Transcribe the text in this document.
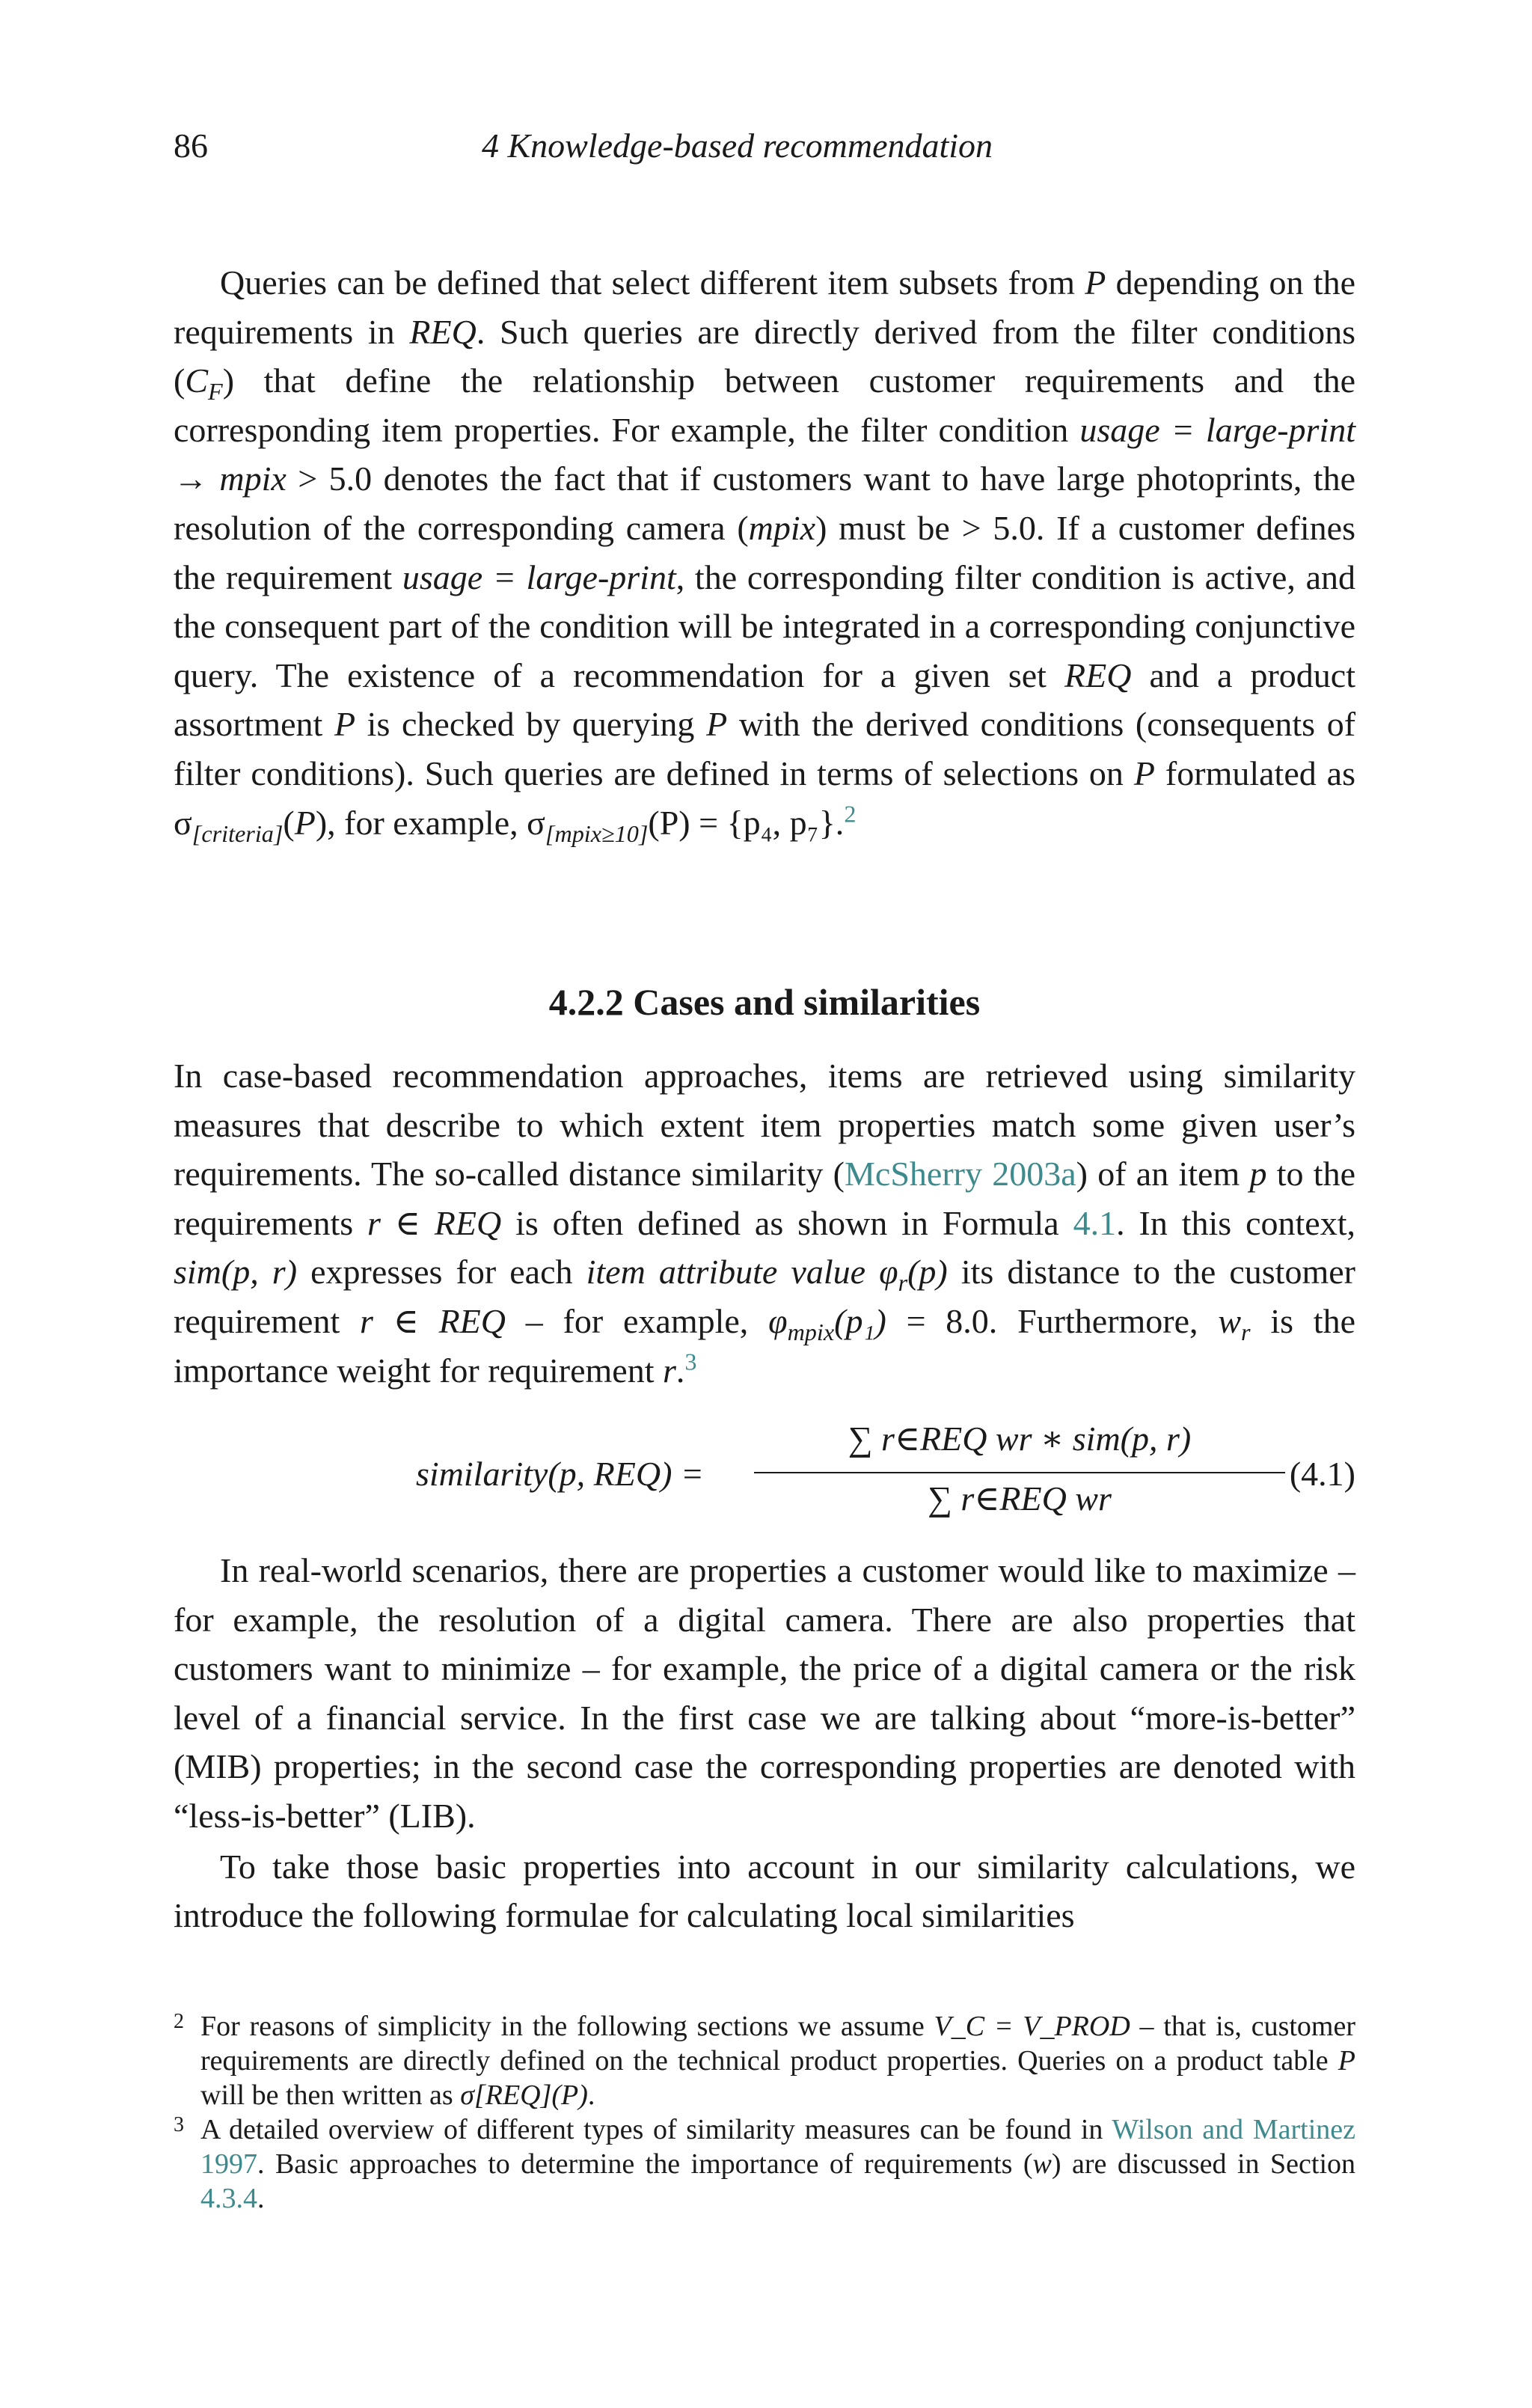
86	4 Knowledge-based recommendation

Queries can be defined that select different item subsets from P depending on the requirements in REQ. Such queries are directly derived from the filter conditions $(C_F)$ that define the relationship between customer requirements and the corresponding item properties. For example, the filter condition usage = large-print → mpix > 5.0 denotes the fact that if customers want to have large photoprints, the resolution of the corresponding camera (mpix) must be > 5.0. If a customer defines the requirement usage = large-print, the corresponding filter condition is active, and the consequent part of the condition will be integrated in a corresponding conjunctive query. The existence of a recommendation for a given set REQ and a product assortment P is checked by querying P with the derived conditions (consequents of filter conditions). Such queries are defined in terms of selections on P formulated as $\sigma_{[criteria]}(P)$, for example, $\sigma_{[mpix\ge 10]}(P) = \{p_4$, p₇}.$^2$

4.2.2 Cases and similarities

In case-based recommendation approaches, items are retrieved using similarity measures that describe to which extent item properties match some given user’s requirements. The so-called distance similarity (McSherry 2003a) of an item p to the requirements r ∈ REQ is often defined as shown in Formula 4.1. In this context, sim(p, r) expresses for each item attribute value $\varphi_r(p)$ its distance to the customer requirement r ∈ REQ – for example, $\varphi_{mpix}(p_1) = 8.0$. Furthermore, $w_r$ is the importance weight for requirement r.$^3$

similarity(p, REQ) =
∑ r∈REQ wr ∗ sim(p, r)
∑ r∈REQ wr
(4.1)

In real-world scenarios, there are properties a customer would like to maximize – for example, the resolution of a digital camera. There are also properties that customers want to minimize – for example, the price of a digital camera or the risk level of a financial service. In the first case we are talking about “more-is-better” (MIB) properties; in the second case the corresponding properties are denoted with “less-is-better” (LIB).

To take those basic properties into account in our similarity calculations, we introduce the following formulae for calculating local similarities

2 For reasons of simplicity in the following sections we assume V_C = V_PROD – that is, customer requirements are directly defined on the technical product properties. Queries on a product table P will be then written as σ[REQ](P).

3 A detailed overview of different types of similarity measures can be found in Wilson and Martinez 1997. Basic approaches to determine the importance of requirements (w) are discussed in Section 4.3.4.
